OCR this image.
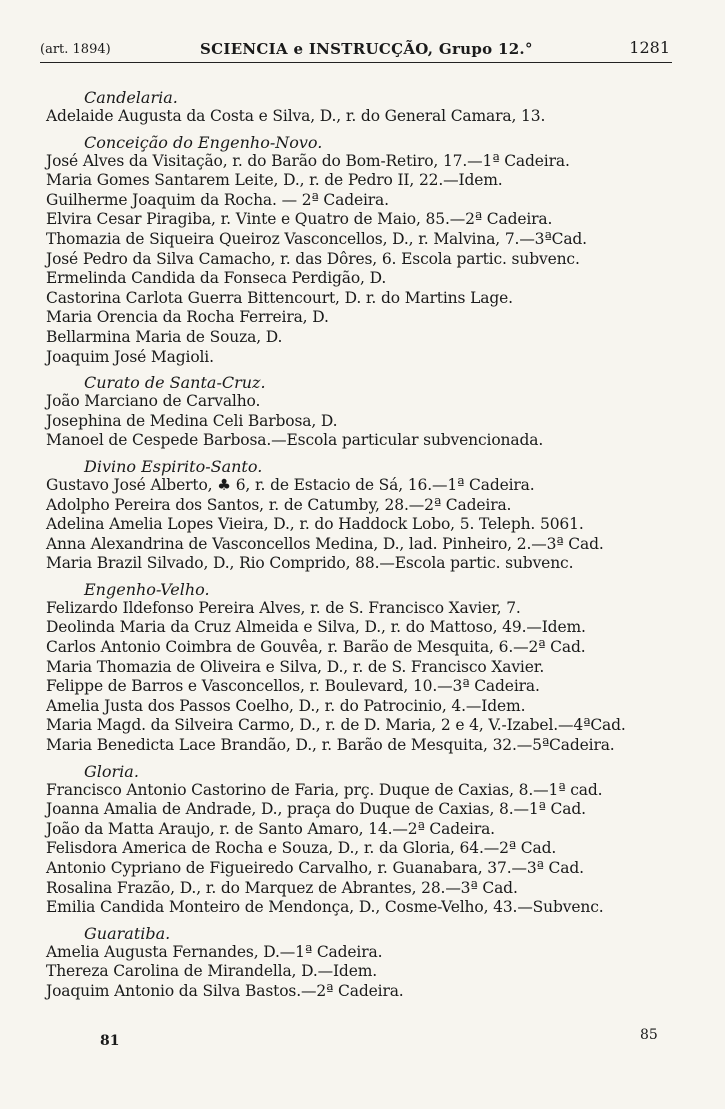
(art. 1894)	SCIENCIA e INSTRUCÇÃO, Grupo 12.°	1281
Candelaria.
Adelaide Augusta da Costa e Silva, D., r. do General Camara, 13.
Conceição do Engenho-Novo.
José Alves da Visitação, r. do Barão do Bom-Retiro, 17.—1ª Cadeira.
Maria Gomes Santarem Leite, D., r. de Pedro II, 22.—Idem.
Guilherme Joaquim da Rocha. — 2ª Cadeira.
Elvira Cesar Piragiba, r. Vinte e Quatro de Maio, 85.—2ª Cadeira.
Thomazia de Siqueira Queiroz Vasconcellos, D., r. Malvina, 7.—3ªCad.
José Pedro da Silva Camacho, r. das Dôres, 6. Escola partic. subvenc.
Ermelinda Candida da Fonseca Perdigão, D.
Castorina Carlota Guerra Bittencourt, D. r. do Martins Lage.
Maria Orencia da Rocha Ferreira, D.
Bellarmina Maria de Souza, D.
Joaquim José Magioli.
Curato de Santa-Cruz.
João Marciano de Carvalho.
Josephina de Medina Celi Barbosa, D.
Manoel de Cespede Barbosa.—Escola particular subvencionada.
Divino Espirito-Santo.
Gustavo José Alberto, ♣ 6, r. de Estacio de Sá, 16.—1ª Cadeira.
Adolpho Pereira dos Santos, r. de Catumby, 28.—2ª Cadeira.
Adelina Amelia Lopes Vieira, D., r. do Haddock Lobo, 5. Teleph. 5061.
Anna Alexandrina de Vasconcellos Medina, D., lad. Pinheiro, 2.—3ª Cad.
Maria Brazil Silvado, D., Rio Comprido, 88.—Escola partic. subvenc.
Engenho-Velho.
Felizardo Ildefonso Pereira Alves, r. de S. Francisco Xavier, 7.
Deolinda Maria da Cruz Almeida e Silva, D., r. do Mattoso, 49.—Idem.
Carlos Antonio Coimbra de Gouvêa, r. Barão de Mesquita, 6.—2ª Cad.
Maria Thomazia de Oliveira e Silva, D., r. de S. Francisco Xavier.
Felippe de Barros e Vasconcellos, r. Boulevard, 10.—3ª Cadeira.
Amelia Justa dos Passos Coelho, D., r. do Patrocinio, 4.—Idem.
Maria Magd. da Silveira Carmo, D., r. de D. Maria, 2 e 4, V.-Izabel.—4ªCad.
Maria Benedicta Lace Brandão, D., r. Barão de Mesquita, 32.—5ªCadeira.
Gloria.
Francisco Antonio Castorino de Faria, prç. Duque de Caxias, 8.—1ª cad.
Joanna Amalia de Andrade, D., praça do Duque de Caxias, 8.—1ª Cad.
João da Matta Araujo, r. de Santo Amaro, 14.—2ª Cadeira.
Felisdora America de Rocha e Souza, D., r. da Gloria, 64.—2ª Cad.
Antonio Cypriano de Figueiredo Carvalho, r. Guanabara, 37.—3ª Cad.
Rosalina Frazão, D., r. do Marquez de Abrantes, 28.—3ª Cad.
Emilia Candida Monteiro de Mendonça, D., Cosme-Velho, 43.—Subvenc.
Guaratiba.
Amelia Augusta Fernandes, D.—1ª Cadeira.
Thereza Carolina de Mirandella, D.—Idem.
Joaquim Antonio da Silva Bastos.—2ª Cadeira.
81	85
